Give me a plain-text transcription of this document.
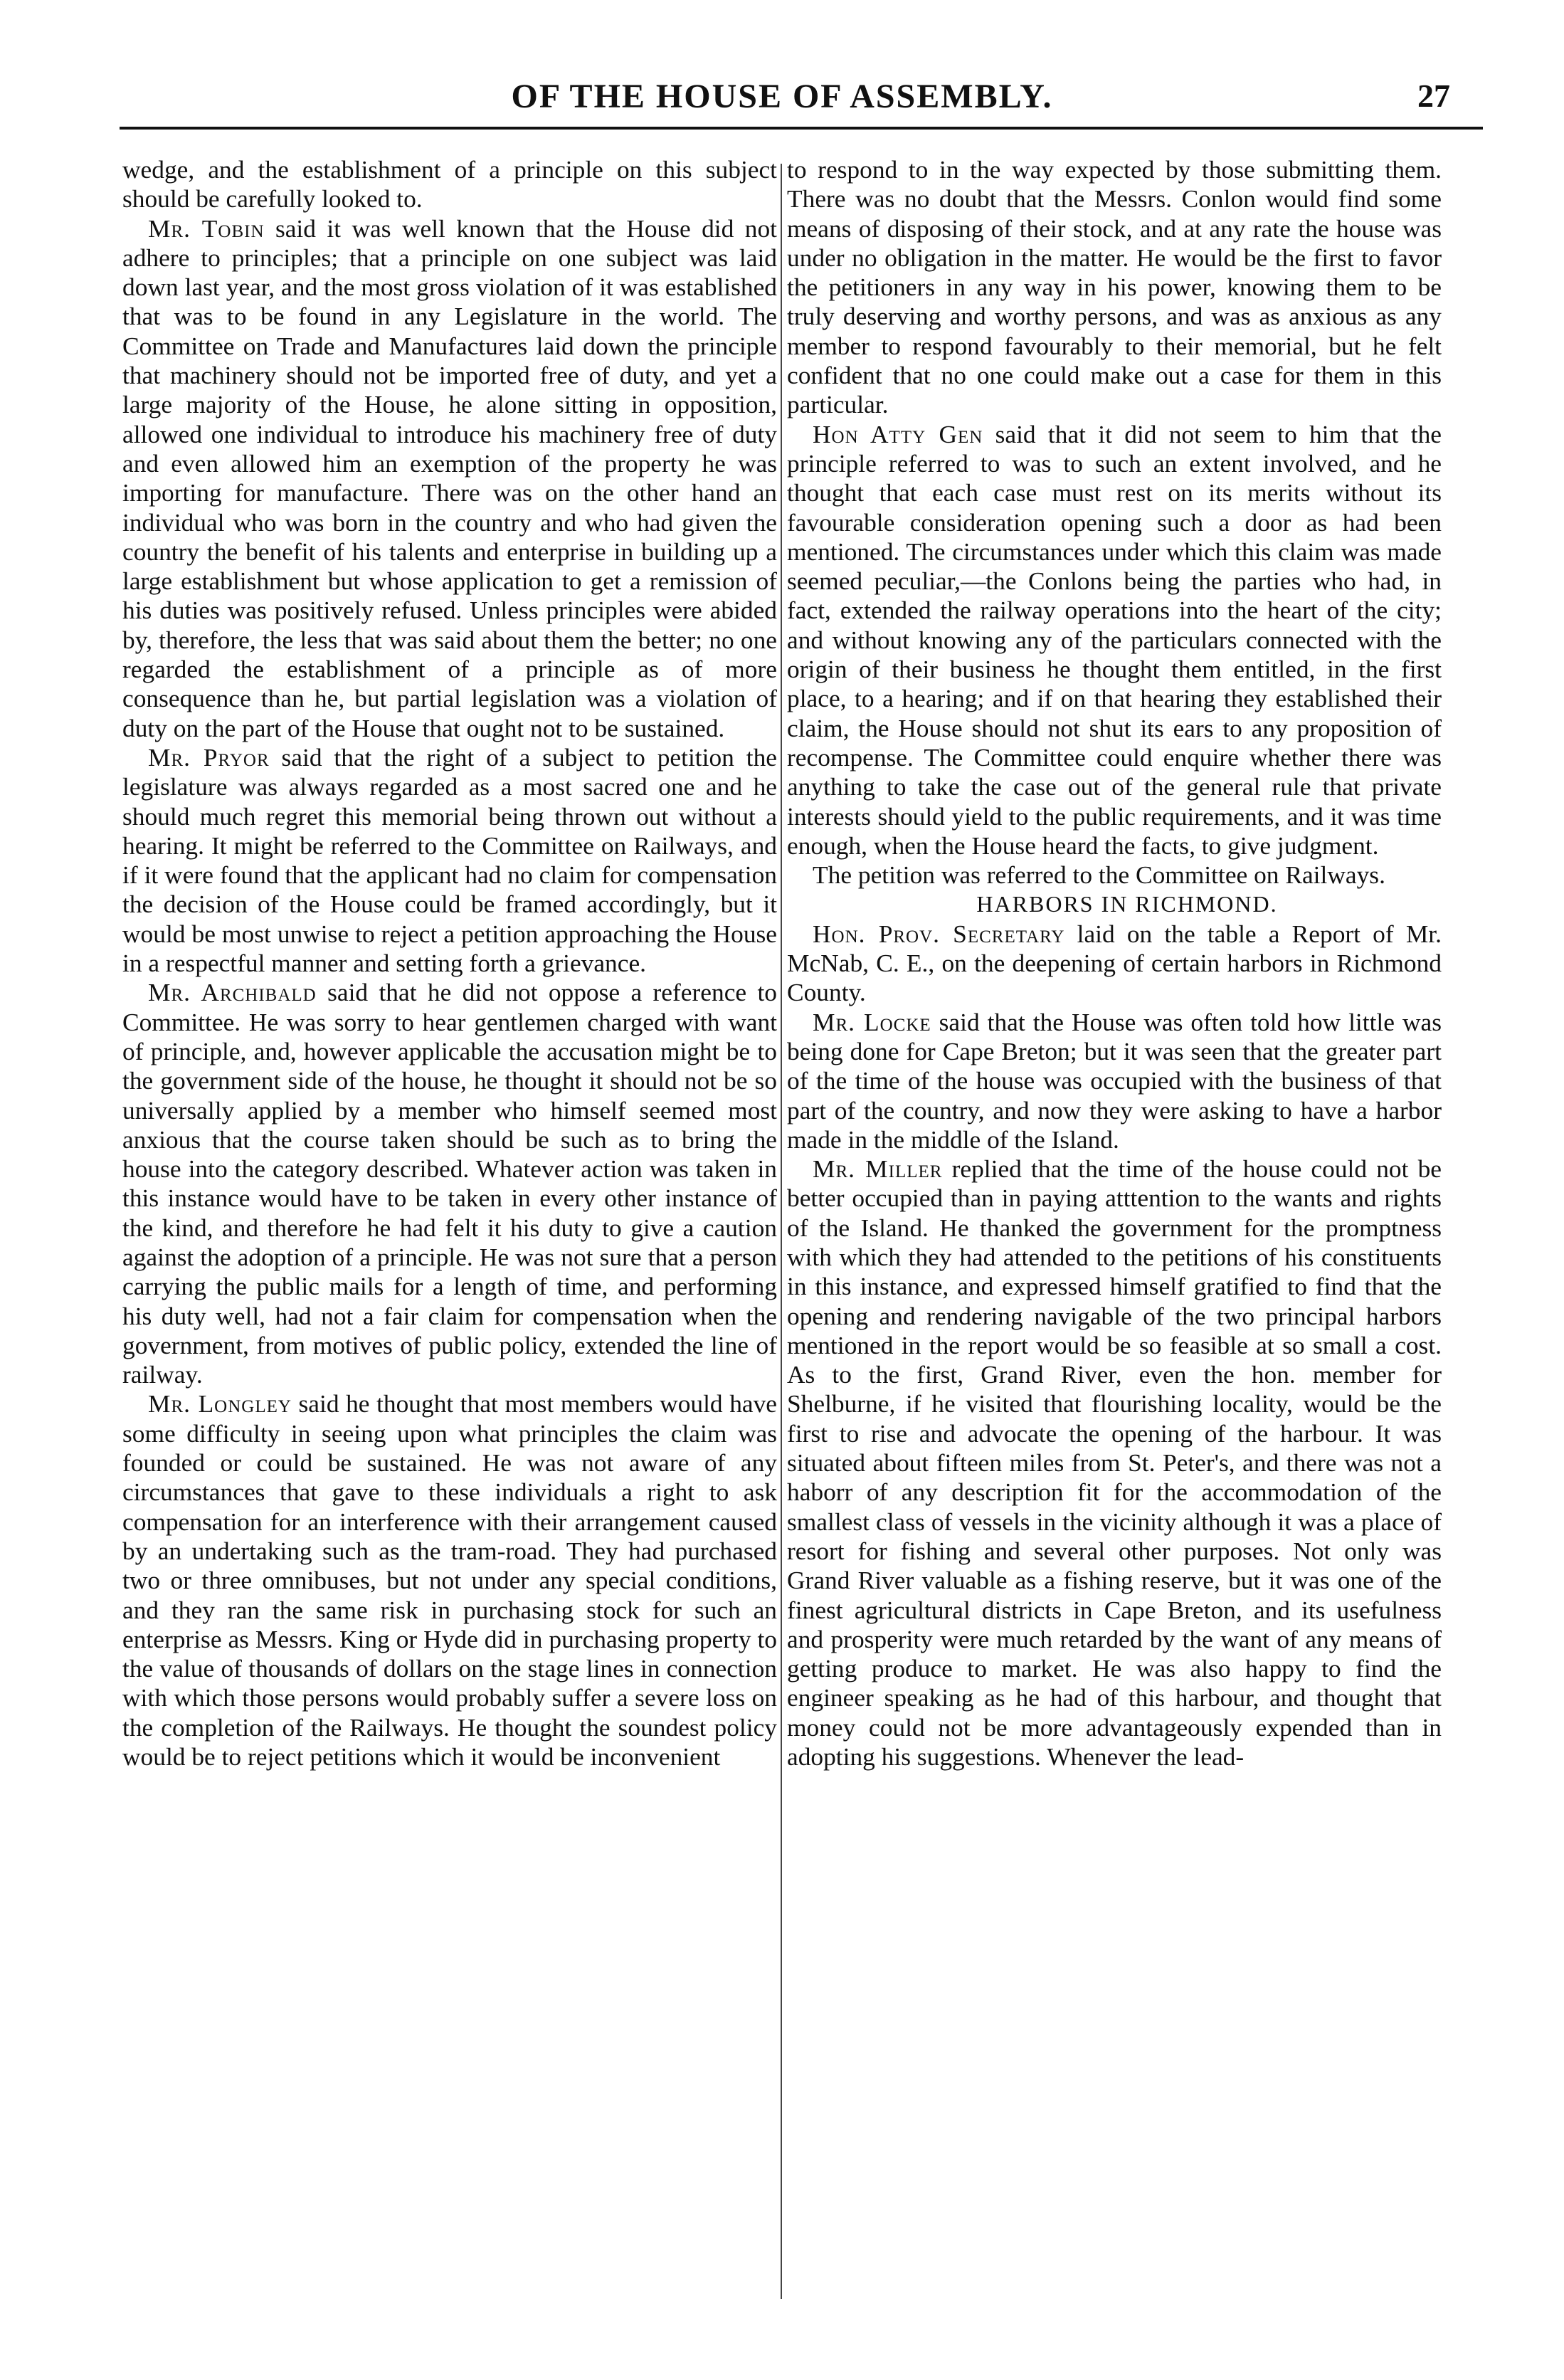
OF THE HOUSE OF ASSEMBLY.	27

wedge, and the establishment of a principle on this subject should be carefully looked to.

Mr. Tobin said it was well known that the House did not adhere to principles; that a principle on one subject was laid down last year, and the most gross violation of it was established that was to be found in any Legislature in the world. The Committee on Trade and Manufactures laid down the principle that machinery should not be imported free of duty, and yet a large majority of the House, he alone sitting in opposition, allowed one individual to introduce his machinery free of duty and even allowed him an exemption of the property he was importing for manufacture. There was on the other hand an individual who was born in the country and who had given the country the benefit of his talents and enterprise in building up a large establishment but whose application to get a remission of his duties was positively refused. Unless principles were abided by, therefore, the less that was said about them the better; no one regarded the establishment of a principle as of more consequence than he, but partial legislation was a violation of duty on the part of the House that ought not to be sustained.

Mr. Pryor said that the right of a subject to petition the legislature was always regarded as a most sacred one and he should much regret this memorial being thrown out without a hearing. It might be referred to the Committee on Railways, and if it were found that the applicant had no claim for compensation the decision of the House could be framed accordingly, but it would be most unwise to reject a petition approaching the House in a respectful manner and setting forth a grievance.

Mr. Archibald said that he did not oppose a reference to Committee. He was sorry to hear gentlemen charged with want of principle, and, however applicable the accusation might be to the government side of the house, he thought it should not be so universally applied by a member who himself seemed most anxious that the course taken should be such as to bring the house into the category described. Whatever action was taken in this instance would have to be taken in every other instance of the kind, and therefore he had felt it his duty to give a caution against the adoption of a principle. He was not sure that a person carrying the public mails for a length of time, and performing his duty well, had not a fair claim for compensation when the government, from motives of public policy, extended the line of railway.

Mr. Longley said he thought that most members would have some difficulty in seeing upon what principles the claim was founded or could be sustained. He was not aware of any circumstances that gave to these individuals a right to ask compensation for an interference with their arrangement caused by an undertaking such as the tram-road. They had purchased two or three omnibuses, but not under any special conditions, and they ran the same risk in purchasing stock for such an enterprise as Messrs. King or Hyde did in purchasing property to the value of thousands of dollars on the stage lines in connection with which those persons would probably suffer a severe loss on the completion of the Railways. He thought the soundest policy would be to reject petitions which it would be inconvenient

to respond to in the way expected by those submitting them. There was no doubt that the Messrs. Conlon would find some means of disposing of their stock, and at any rate the house was under no obligation in the matter. He would be the first to favor the petitioners in any way in his power, knowing them to be truly deserving and worthy persons, and was as anxious as any member to respond favourably to their memorial, but he felt confident that no one could make out a case for them in this particular.

Hon Atty Gen said that it did not seem to him that the principle referred to was to such an extent involved, and he thought that each case must rest on its merits without its favourable consideration opening such a door as had been mentioned. The circumstances under which this claim was made seemed peculiar,—the Conlons being the parties who had, in fact, extended the railway operations into the heart of the city; and without knowing any of the particulars connected with the origin of their business he thought them entitled, in the first place, to a hearing; and if on that hearing they established their claim, the House should not shut its ears to any proposition of recompense. The Committee could enquire whether there was anything to take the case out of the general rule that private interests should yield to the public requirements, and it was time enough, when the House heard the facts, to give judgment.

The petition was referred to the Committee on Railways.

HARBORS IN RICHMOND.

Hon. Prov. Secretary laid on the table a Report of Mr. McNab, C. E., on the deepening of certain harbors in Richmond County.

Mr. Locke said that the House was often told how little was being done for Cape Breton; but it was seen that the greater part of the time of the house was occupied with the business of that part of the country, and now they were asking to have a harbor made in the middle of the Island.

Mr. Miller replied that the time of the house could not be better occupied than in paying atttention to the wants and rights of the Island. He thanked the government for the promptness with which they had attended to the petitions of his constituents in this instance, and expressed himself gratified to find that the opening and rendering navigable of the two principal harbors mentioned in the report would be so feasible at so small a cost. As to the first, Grand River, even the hon. member for Shelburne, if he visited that flourishing locality, would be the first to rise and advocate the opening of the harbour. It was situated about fifteen miles from St. Peter's, and there was not a haborr of any description fit for the accommodation of the smallest class of vessels in the vicinity although it was a place of resort for fishing and several other purposes. Not only was Grand River valuable as a fishing reserve, but it was one of the finest agricultural districts in Cape Breton, and its usefulness and prosperity were much retarded by the want of any means of getting produce to market. He was also happy to find the engineer speaking as he had of this harbour, and thought that money could not be more advantageously expended than in adopting his suggestions. Whenever the lead-
